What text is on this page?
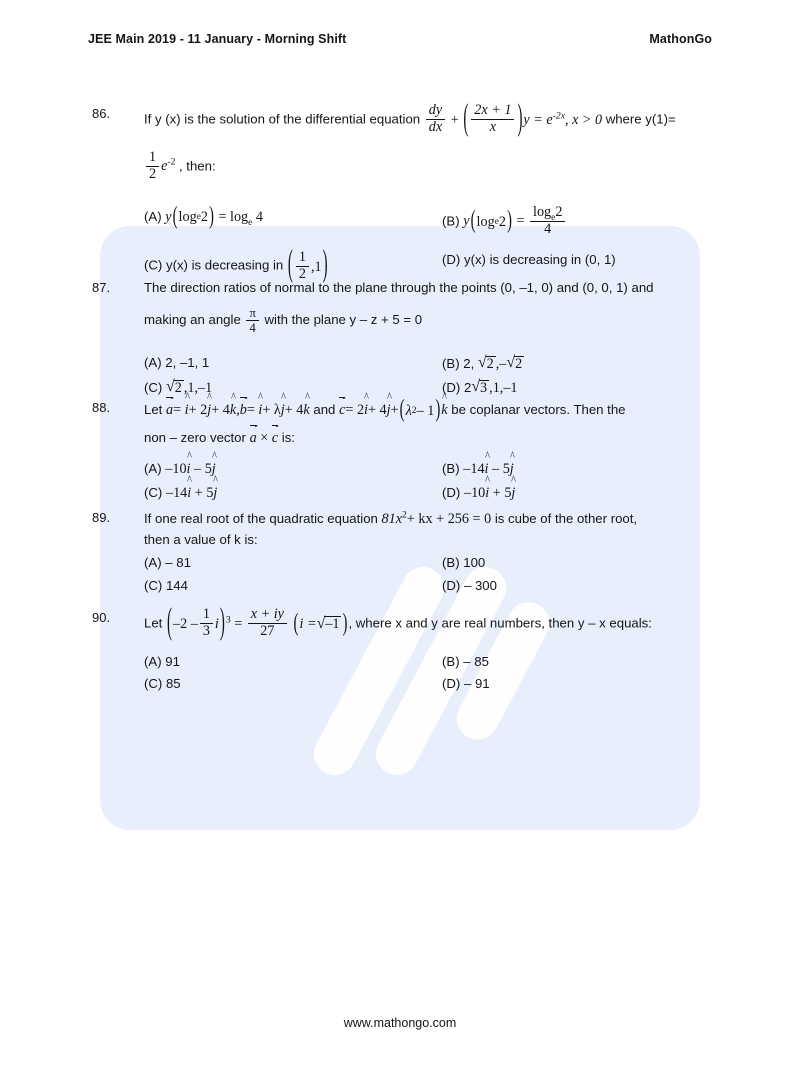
JEE Main 2019 - 11 January - Morning Shift	MathonGo
86.	If y (x) is the solution of the differential equation $\frac{dy}{dx}$ + ( $\frac{2x + 1}{x}$ ) $y = e^{-2x}$, x > 0 where y(1)=
$\frac{1}{2} e^{-2}$ , then:
(A) y ( log e 2 ) = $\log_e 4$	(B) y ( log e 2 ) = $\frac{\log_e2}{4}$
(C) y(x) is decreasing in ( $\frac{1}{2} ,1$ )	(D) y(x) is decreasing in (0, 1)
87.	The direction ratios of normal to the plane through the points (0, –1, 0) and (0, 0, 1) and
making an angle $\frac{\pi}{4}$ with the plane y – z + 5 = 0
(A) 2, –1, 1	(B) 2, √ 2 ,– √ 2
(C) √ 2 ,1,–1	(D) 2 √ 3 ,1,–1
88.	Let a= i ^+ 2j ^+ 4k ^,b= i ^+ λj ^+ 4k ^ and c= 2i ^+ 4j ^+ ( λ 2 – 1 ) k ^ be coplanar vectors. Then the
non – zero vector a × c is:
(A) –10i ^ – 5j ^	(B) –14i ^ – 5j ^
(C) –14i ^ + 5j ^	(D) –10i ^ + 5j ^
89.	If one real root of the quadratic equation $81x^2+$ kx + 256 = 0 is cube of the other root,
then a value of k is:
(A) – 81	(B) 100
(C) 144	(D) – 300
90.	Let ( $-2 - \frac{1}{3}$ i ) $^3 = \frac{x + iy}{27}$
( i = √ –1 ) , where x and y are real numbers, then y – x equals:
(A) 91	(B) – 85
(C) 85	(D) – 91
www.mathongo.com
